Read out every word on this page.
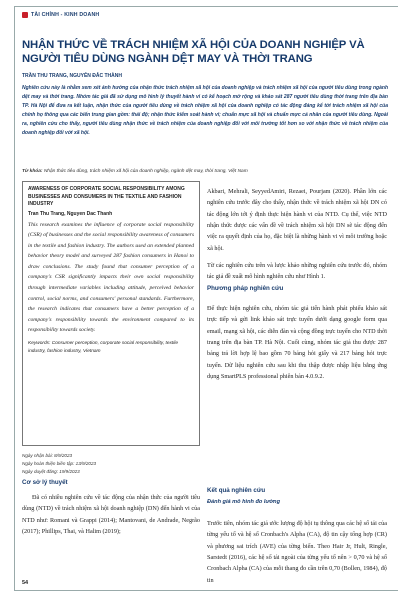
TÀI CHÍNH - KINH DOANH
NHẬN THỨC VỀ TRÁCH NHIỆM XÃ HỘI CỦA DOANH NGHIỆP VÀ NGƯỜI TIÊU DÙNG NGÀNH DỆT MAY VÀ THỜI TRANG
TRẦN THU TRANG, NGUYỄN ĐẮC THÀNH
Nghiên cứu này là nhằm xem xét ảnh hưởng của nhận thức trách nhiệm xã hội của doanh nghiệp và trách nhiệm xã hội của người tiêu dùng trong ngành dệt may và thời trang. Nhóm tác giả đã sử dụng mô hình lý thuyết hành vi có kế hoạch mở rộng và khảo sát 287 người tiêu dùng thời trang trên địa bàn TP. Hà Nội để đưa ra kết luận, nhận thức của người tiêu dùng về trách nhiệm xã hội của doanh nghiệp có tác động đáng kể tới trách nhiệm xã hội của chính họ thông qua các biến trung gian gồm: thái độ; nhận thức kiểm soát hành vi; chuẩn mực xã hội và chuẩn mực cá nhân của người tiêu dùng. Ngoài ra, nghiên cứu cho thấy, người tiêu dùng nhận thức về trách nhiệm của doanh nghiệp đối với môi trường tốt hơn so với nhận thức về trách nhiệm của doanh nghiệp đối với xã hội.
Từ khóa: Nhận thức tiêu dùng, trách nhiệm xã hội của doanh nghiệp, ngành dệt may, thời trang, Việt Nam
AWARENESS OF CORPORATE SOCIAL RESPONSIBILITY AMONG BUSINESSES AND CONSUMERS IN THE TEXTILE AND FASHION INDUSTRY
Tran Thu Trang, Nguyen Dac Thanh
This research examines the influence of corporate social responsibility (CSR) of businesses and the social responsibility awareness of consumers in the textile and fashion industry. The authors used an extended planned behavior theory model and surveyed 287 fashion consumers in Hanoi to draw conclusions. The study found that consumer perception of a company's CSR significantly impacts their own social responsibility through intermediate variables including attitude, perceived behavior control, social norms, and consumers' personal standards. Furthermore, the research indicates that consumers have a better perception of a company's responsibility towards the environment compared to its responsibility towards society.
Keywords: Consumer perception, corporate social responsibility, textile industry, fashion industry, Vietnam
Ngày nhận bài: 8/9/2023
Ngày hoàn thiện biên tập: 13/9/2023
Ngày duyệt đăng: 19/9/2023
Cơ sở lý thuyết

Đã có nhiều nghiên cứu về tác động của nhận thức của người tiêu dùng (NTD) về trách nhiệm xã hội doanh nghiệp (DN) đến hành vi của NTD như: Romani và Grappi (2014); Mantovani, de Andrade, Negrão (2017); Phillips, Thai, và Halim (2019);

Akbari, Mehrali, SeyyedAmiri, Rezaei, Pourjam (2020). Phần lớn các nghiên cứu trước đây cho thấy, nhận thức về trách nhiệm xã hội DN có tác động lớn tới ý định thực hiện hành vi của NTD. Cụ thể, việc NTD nhận thức được các vấn đề về trách nhiệm xã hội DN sẽ tác động đến việc ra quyết định của họ, đặc biệt là những hành vi vì môi trường hoặc xã hội.

Từ các nghiên cứu trên và lược khảo những nghiên cứu trước đó, nhóm tác giả đề xuất mô hình nghiên cứu như Hình 1.

Phương pháp nghiên cứu

Để thực hiện nghiên cứu, nhóm tác giả tiến hành phát phiếu khảo sát trực tiếp và gửi link khảo sát trực tuyến dưới dạng google form qua email, mạng xã hội, các diễn đàn và cộng đồng trực tuyến cho NTD thời trang trên địa bàn TP. Hà Nội. Cuối cùng, nhóm tác giả thu được 287 bảng trả lời hợp lệ bao gồm 70 bảng hỏi giấy và 217 bảng hỏi trực tuyến. Dữ liệu nghiên cứu sau khi thu thập được nhập liệu bằng ứng dụng SmartPLS professional phiên bản 4.0.9.2.

Kết quả nghiên cứu
Đánh giá mô hình đo lường

Trước tiên, nhóm tác giả ước lượng độ hội tụ thông qua các hệ số tải của từng yếu tố và hệ số Cronbach's Alpha (CA), độ tin cậy tổng hợp (CR) và phương sai trích (AVE) của từng biến. Theo Hair Jr, Hult, Ringle, Sarstedt (2016), các hệ số tải ngoài của từng yếu tố nên > 0,70 và hệ số Cronbach Alpha (CA) của mỗi thang đo cần trên 0,70 (Bollen, 1984), độ tin

54
